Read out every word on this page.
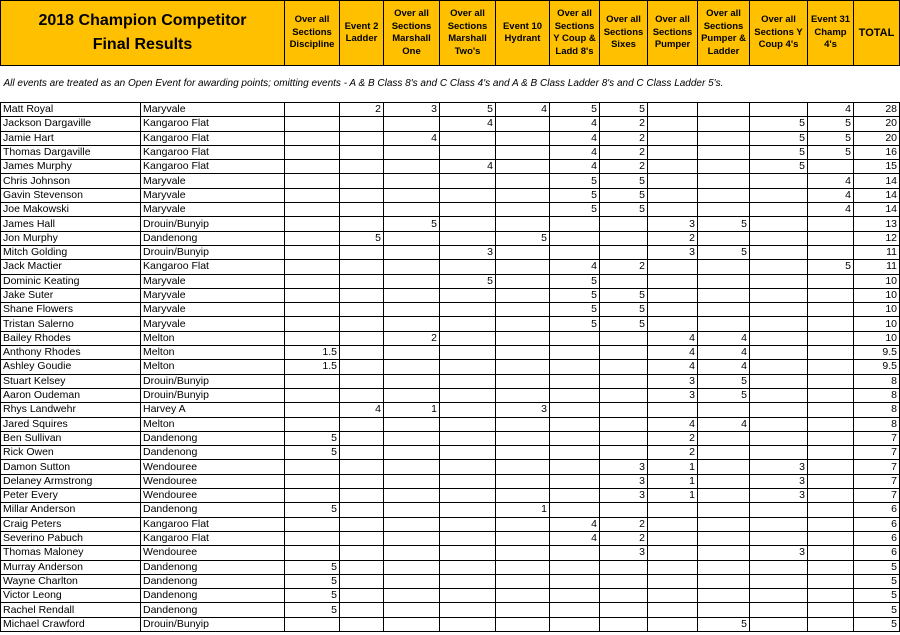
2018 Champion Competitor
Final Results		Over all Sections Discipline	Event 2 Ladder	Over all Sections Marshall One	Over all Sections Marshall Two's	Event 10 Hydrant	Over all Sections Y Coup & Ladd 8's	Over all Sections Sixes	Over all Sections Pumper	Over all Sections Pumper & Ladder	Over all Sections Y Coup 4's	Event 31 Champ 4's	TOTAL
All events are treated as an Open Event for awarding points; omitting events - A & B Class 8's and C Class 4's and A & B Class Ladder 8's and C Class Ladder 5's.													
Matt Royal	Maryvale		2	3	5	4	5	5				4	28
Jackson Dargaville	Kangaroo Flat				4		4	2			5	5	20
Jamie Hart	Kangaroo Flat			4			4	2			5	5	20
Thomas Dargaville	Kangaroo Flat						4	2			5	5	16
James Murphy	Kangaroo Flat				4		4	2			5		15
Chris Johnson	Maryvale						5	5				4	14
Gavin Stevenson	Maryvale						5	5				4	14
Joe Makowski	Maryvale						5	5				4	14
James Hall	Drouin/Bunyip			5					3	5			13
Jon Murphy	Dandenong		5			5			2				12
Mitch Golding	Drouin/Bunyip				3				3	5			11
Jack Mactier	Kangaroo Flat						4	2				5	11
Dominic Keating	Maryvale				5		5						10
Jake Suter	Maryvale						5	5					10
Shane Flowers	Maryvale						5	5					10
Tristan Salerno	Maryvale						5	5					10
Bailey Rhodes	Melton			2					4	4			10
Anthony Rhodes	Melton	1.5							4	4			9.5
Ashley Goudie	Melton	1.5							4	4			9.5
Stuart Kelsey	Drouin/Bunyip								3	5			8
Aaron Oudeman	Drouin/Bunyip								3	5			8
Rhys Landwehr	Harvey A		4	1		3							8
Jared Squires	Melton								4	4			8
Ben Sullivan	Dandenong	5							2				7
Rick Owen	Dandenong	5							2				7
Damon Sutton	Wendouree							3	1		3		7
Delaney Armstrong	Wendouree							3	1		3		7
Peter Every	Wendouree							3	1		3		7
Millar Anderson	Dandenong	5				1							6
Craig Peters	Kangaroo Flat						4	2					6
Severino Pabuch	Kangaroo Flat						4	2					6
Thomas Maloney	Wendouree							3			3		6
Murray Anderson	Dandenong	5											5
Wayne Charlton	Dandenong	5											5
Victor Leong	Dandenong	5											5
Rachel Rendall	Dandenong	5											5
Michael Crawford	Drouin/Bunyip									5			5
